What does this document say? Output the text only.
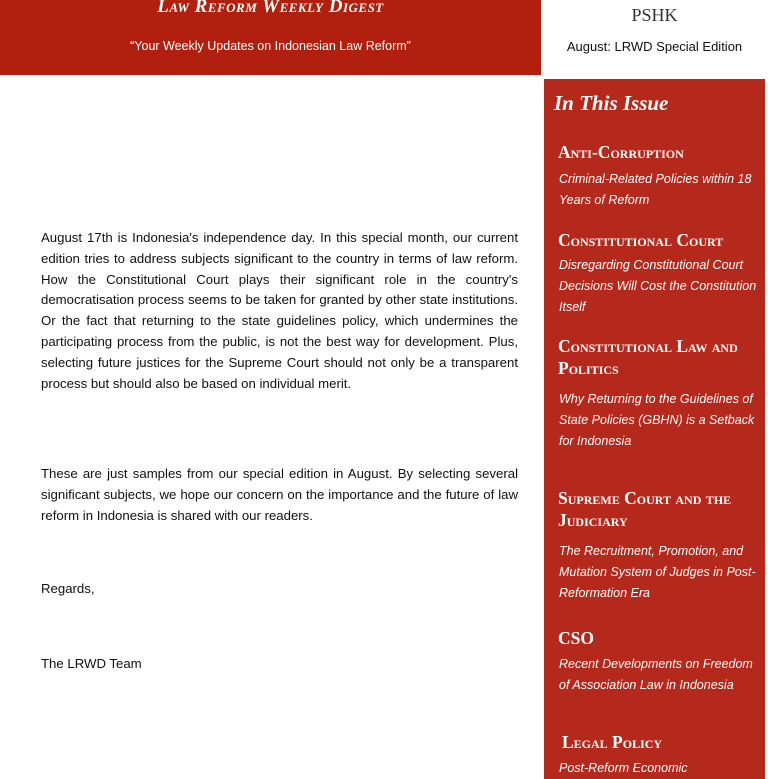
Law Reform Weekly Digest
“Your Weekly Updates on Indonesian Law Reform”
PSHK
August: LRWD Special Edition

August 17th is Indonesia's independence day. In this special month, our current edition tries to address subjects significant to the country in terms of law reform. How the Constitutional Court plays their significant role in the country's democratisation process seems to be taken for granted by other state institutions. Or the fact that returning to the state guidelines policy, which undermines the participating process from the public, is not the best way for development. Plus, selecting future justices for the Supreme Court should not only be a transparent process but should also be based on individual merit.

These are just samples from our special edition in August. By selecting several significant subjects, we hope our concern on the importance and the future of law reform in Indonesia is shared with our readers.

Regards,
The LRWD Team
In This Issue
Anti-Corruption
Criminal-Related Policies within 18 Years of Reform
Constitutional Court
Disregarding Constitutional Court Decisions Will Cost the Constitution Itself
Constitutional Law and Politics
Why Returning to the Guidelines of State Policies (GBHN) is a Setback for Indonesia
Supreme Court and the Judiciary
The Recruitment, Promotion, and Mutation System of Judges in Post-Reformation Era
CSO
Recent Developments on Freedom of Association Law in Indonesia
Legal Policy
Post-Reform Economic
